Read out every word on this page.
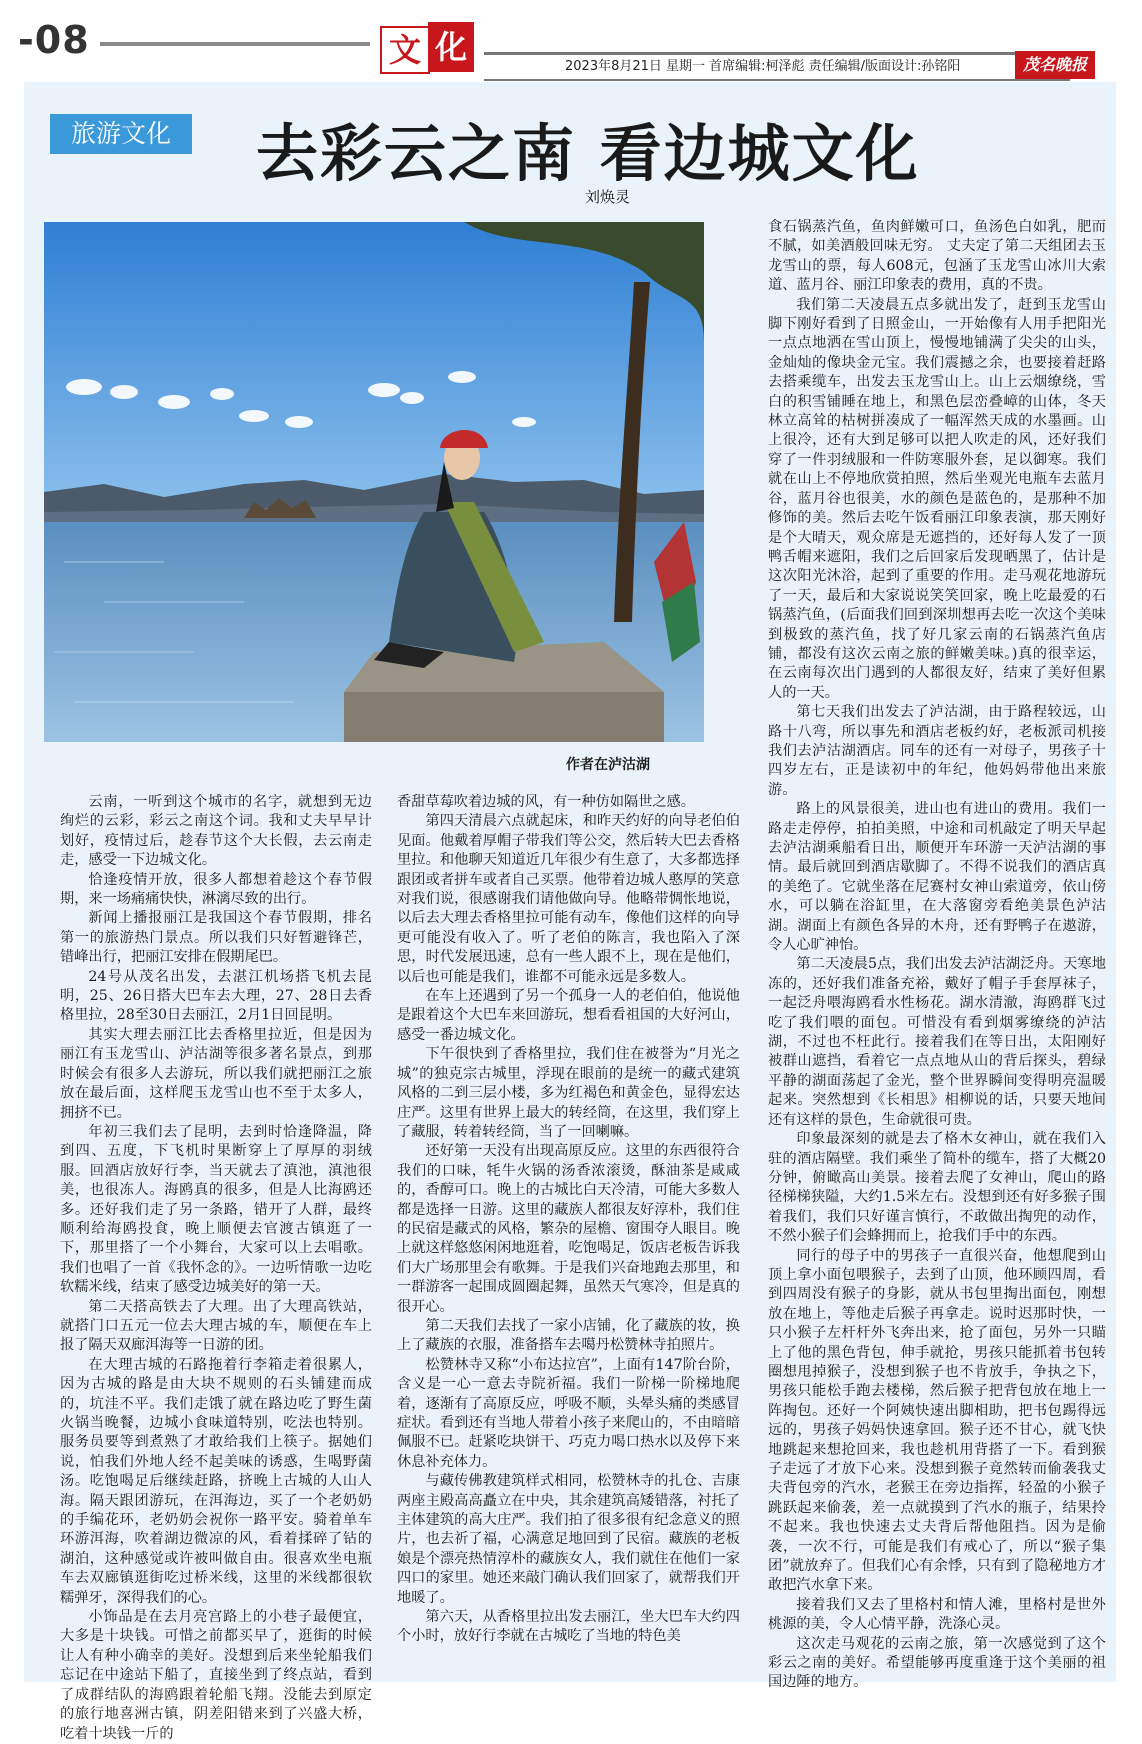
-08	文 化
2023年8月21日 星期一 首席编辑:柯泽彪 责任编辑/版面设计:孙铭阳	茂名晚报
旅游文化	去彩云之南 看边城文化
刘焕灵
作者在泸沽湖

云南，一听到这个城市的名字，就想到无边绚烂的云彩，彩云之南这个词。我和丈夫早早计划好，疫情过后，趁春节这个大长假，去云南走走，感受一下边城文化。

恰逢疫情开放，很多人都想着趁这个春节假期，来一场痛痛快快，淋漓尽致的出行。

新闻上播报丽江是我国这个春节假期，排名第一的旅游热门景点。所以我们只好暂避锋芒，错峰出行，把丽江安排在假期尾巴。

24号从茂名出发，去湛江机场搭飞机去昆明，25、26日搭大巴车去大理，27、28日去香格里拉，28至30日去丽江，2月1日回昆明。

其实大理去丽江比去香格里拉近，但是因为丽江有玉龙雪山、泸沽湖等很多著名景点，到那时候会有很多人去游玩，所以我们就把丽江之旅放在最后面，这样爬玉龙雪山也不至于太多人，拥挤不已。

年初三我们去了昆明，去到时恰逢降温，降到四、五度，下飞机时果断穿上了厚厚的羽绒服。回酒店放好行李，当天就去了滇池，滇池很美，也很冻人。海鸥真的很多，但是人比海鸥还多。还好我们走了另一条路，错开了人群，最终顺利给海鸥投食，晚上顺便去官渡古镇逛了一下，那里搭了一个小舞台，大家可以上去唱歌。我们也唱了一首《我怀念的》。一边听情歌一边吃软糯米线，结束了感受边城美好的第一天。

第二天搭高铁去了大理。出了大理高铁站，就搭门口五元一位去大理古城的车，顺便在车上报了隔天双廊洱海等一日游的团。

在大理古城的石路拖着行李箱走着很累人，因为古城的路是由大块不规则的石头铺建而成的，坑洼不平。我们走饿了就在路边吃了野生菌火锅当晚餐，边城小食味道特别，吃法也特别。服务员要等到煮熟了才敢给我们上筷子。据她们说，怕我们外地人经不起美味的诱惑，生喝野菌汤。吃饱喝足后继续赶路，挤晚上古城的人山人海。隔天跟团游玩，在洱海边，买了一个老奶奶的手编花环，老奶奶会祝你一路平安。骑着单车环游洱海，吹着湖边微凉的风，看着揉碎了钻的湖泊，这种感觉或许被叫做自由。很喜欢坐电瓶车去双廊镇逛街吃过桥米线，这里的米线都很软糯弹牙，深得我们的心。

小饰品是在去月亮宫路上的小巷子最便宜，大多是十块钱。可惜之前都买早了，逛街的时候让人有种小确幸的美好。没想到后来坐轮船我们忘记在中途站下船了，直接坐到了终点站，看到了成群结队的海鸥跟着轮船飞翔。没能去到原定的旅行地喜洲古镇，阴差阳错来到了兴盛大桥，吃着十块钱一斤的

香甜草莓吹着边城的风，有一种仿如隔世之感。

第四天清晨六点就起床，和昨天约好的向导老伯伯见面。他戴着厚帽子带我们等公交，然后转大巴去香格里拉。和他聊天知道近几年很少有生意了，大多都选择跟团或者拼车或者自己买票。他带着边城人憨厚的笑意对我们说，很感谢我们请他做向导。他略带惆怅地说，以后去大理去香格里拉可能有动车，像他们这样的向导更可能没有收入了。听了老伯的陈言，我也陷入了深思，时代发展迅速，总有一些人跟不上，现在是他们，以后也可能是我们，谁都不可能永远是多数人。

在车上还遇到了另一个孤身一人的老伯伯，他说他是跟着这个大巴车来回游玩，想看看祖国的大好河山，感受一番边城文化。

下午很快到了香格里拉，我们住在被誉为“月光之城”的独克宗古城里，浮现在眼前的是统一的藏式建筑风格的二到三层小楼，多为红褐色和黄金色，显得宏达庄严。这里有世界上最大的转经筒，在这里，我们穿上了藏服，转着转经筒，当了一回喇嘛。

还好第一天没有出现高原反应。这里的东西很符合我们的口味，牦牛火锅的汤香浓滚烫，酥油茶是咸咸的，香醇可口。晚上的古城比白天冷清，可能大多数人都是选择一日游。这里的藏族人都很友好淳朴，我们住的民宿是藏式的风格，繁杂的屋檐、窗围夺人眼目。晚上就这样悠悠闲闲地逛着，吃饱喝足，饭店老板告诉我们大广场那里会有歌舞。于是我们兴奋地跑去那里，和一群游客一起围成圆圈起舞，虽然天气寒冷，但是真的很开心。

第二天我们去找了一家小店铺，化了藏族的妆，换上了藏族的衣服，准备搭车去噶丹松赞林寺拍照片。

松赞林寺又称“小布达拉宫”，上面有147阶台阶，含义是一心一意去寺院祈福。我们一阶梯一阶梯地爬着，逐渐有了高原反应，呼吸不顺，头晕头痛的类感冒症状。看到还有当地人带着小孩子来爬山的，不由暗暗佩服不已。赶紧吃块饼干、巧克力喝口热水以及停下来休息补充体力。

与藏传佛教建筑样式相同，松赞林寺的扎仓、吉康两座主殿高高矗立在中央，其余建筑高矮错落，衬托了主体建筑的高大庄严。我们拍了很多很有纪念意义的照片，也去祈了福，心满意足地回到了民宿。藏族的老板娘是个漂亮热情淳朴的藏族女人，我们就住在他们一家四口的家里。她还来敲门确认我们回家了，就帮我们开地暖了。

第六天，从香格里拉出发去丽江，坐大巴车大约四个小时，放好行李就在古城吃了当地的特色美

食石锅蒸汽鱼，鱼肉鲜嫩可口，鱼汤色白如乳，肥而不腻，如美酒般回味无穷。 丈夫定了第二天组团去玉龙雪山的票，每人608元，包涵了玉龙雪山冰川大索道、蓝月谷、丽江印象表的费用，真的不贵。

我们第二天凌晨五点多就出发了，赶到玉龙雪山脚下刚好看到了日照金山，一开始像有人用手把阳光一点点地洒在雪山顶上，慢慢地铺满了尖尖的山头，金灿灿的像块金元宝。我们震撼之余，也要接着赶路去搭乘缆车，出发去玉龙雪山上。山上云烟缭绕，雪白的积雪铺睡在地上，和黑色层峦叠嶂的山体，冬天林立高耸的枯树拼凑成了一幅浑然天成的水墨画。山上很冷，还有大到足够可以把人吹走的风，还好我们穿了一件羽绒服和一件防寒服外套，足以御寒。我们就在山上不停地欣赏拍照，然后坐观光电瓶车去蓝月谷，蓝月谷也很美，水的颜色是蓝色的，是那种不加修饰的美。然后去吃午饭看丽江印象表演，那天刚好是个大晴天，观众席是无遮挡的，还好每人发了一顶鸭舌帽来遮阳，我们之后回家后发现晒黑了，估计是这次阳光沐浴，起到了重要的作用。走马观花地游玩了一天，最后和大家说说笑笑回家，晚上吃最爱的石锅蒸汽鱼，(后面我们回到深圳想再去吃一次这个美味到极致的蒸汽鱼，找了好几家云南的石锅蒸汽鱼店铺，都没有这次云南之旅的鲜嫩美味。)真的很幸运，在云南每次出门遇到的人都很友好，结束了美好但累人的一天。

第七天我们出发去了泸沽湖，由于路程较远，山路十八弯，所以事先和酒店老板约好，老板派司机接我们去泸沽湖酒店。同车的还有一对母子，男孩子十四岁左右，正是读初中的年纪，他妈妈带他出来旅游。

路上的风景很美，进山也有进山的费用。我们一路走走停停，拍拍美照，中途和司机敲定了明天早起去泸沽湖乘船看日出，顺便开车环游一天泸沽湖的事情。最后就回到酒店歇脚了。不得不说我们的酒店真的美绝了。它就坐落在尼赛村女神山索道旁，依山傍水，可以躺在浴缸里，在大落窗旁看绝美景色泸沽湖。湖面上有颜色各异的木舟，还有野鸭子在遨游，令人心旷神怡。

第二天凌晨5点，我们出发去泸沽湖泛舟。天寒地冻的，还好我们准备充裕，戴好了帽子手套厚袜子，一起泛舟喂海鸥看水性杨花。湖水清澈，海鸥群飞过吃了我们喂的面包。可惜没有看到烟雾缭绕的泸沽湖，不过也不枉此行。接着我们在等日出，太阳刚好被群山遮挡，看着它一点点地从山的背后探头，碧绿平静的湖面荡起了金光，整个世界瞬间变得明亮温暖起来。突然想到《长相思》相柳说的话，只要天地间还有这样的景色，生命就很可贵。

印象最深刻的就是去了格木女神山，就在我们入驻的酒店隔壁。我们乘坐了简朴的缆车，搭了大概20分钟，俯瞰高山美景。接着去爬了女神山，爬山的路径梯梯狭隘，大约1.5米左右。没想到还有好多猴子围着我们，我们只好谨言慎行，不敢做出掏兜的动作，不然小猴子们会蜂拥而上，抢我们手中的东西。

同行的母子中的男孩子一直很兴奋，他想爬到山顶上拿小面包喂猴子，去到了山顶，他环顾四周，看到四周没有猴子的身影，就从书包里掏出面包，刚想放在地上，等他走后猴子再拿走。说时迟那时快，一只小猴子左杆杆外飞奔出来，抢了面包，另外一只瞄上了他的黑色背包，伸手就抢，男孩只能抓着书包转圈想甩掉猴子，没想到猴子也不肯放手，争执之下，男孩只能松手跑去楼梯，然后猴子把背包放在地上一阵掏包。还好一个阿姨快速出脚相助，把书包踢得远远的，男孩子妈妈快速拿回。猴子还不甘心，就飞快地跳起来想抢回来，我也趁机用背搭了一下。看到猴子走远了才放下心来。没想到猴子竟然转而偷袭我丈夫背包旁的汽水，老猴王在旁边指挥，轻盈的小猴子跳跃起来偷袭，差一点就摸到了汽水的瓶子，结果拎不起来。我也快速去丈夫背后帮他阻挡。因为是偷袭，一次不行，可能是我们有戒心了，所以“猴子集团”就放弃了。但我们心有余悸，只有到了隐秘地方才敢把汽水拿下来。

接着我们又去了里格村和情人滩，里格村是世外桃源的美，令人心情平静，洗涤心灵。

这次走马观花的云南之旅，第一次感觉到了这个彩云之南的美好。希望能够再度重逢于这个美丽的祖国边陲的地方。
